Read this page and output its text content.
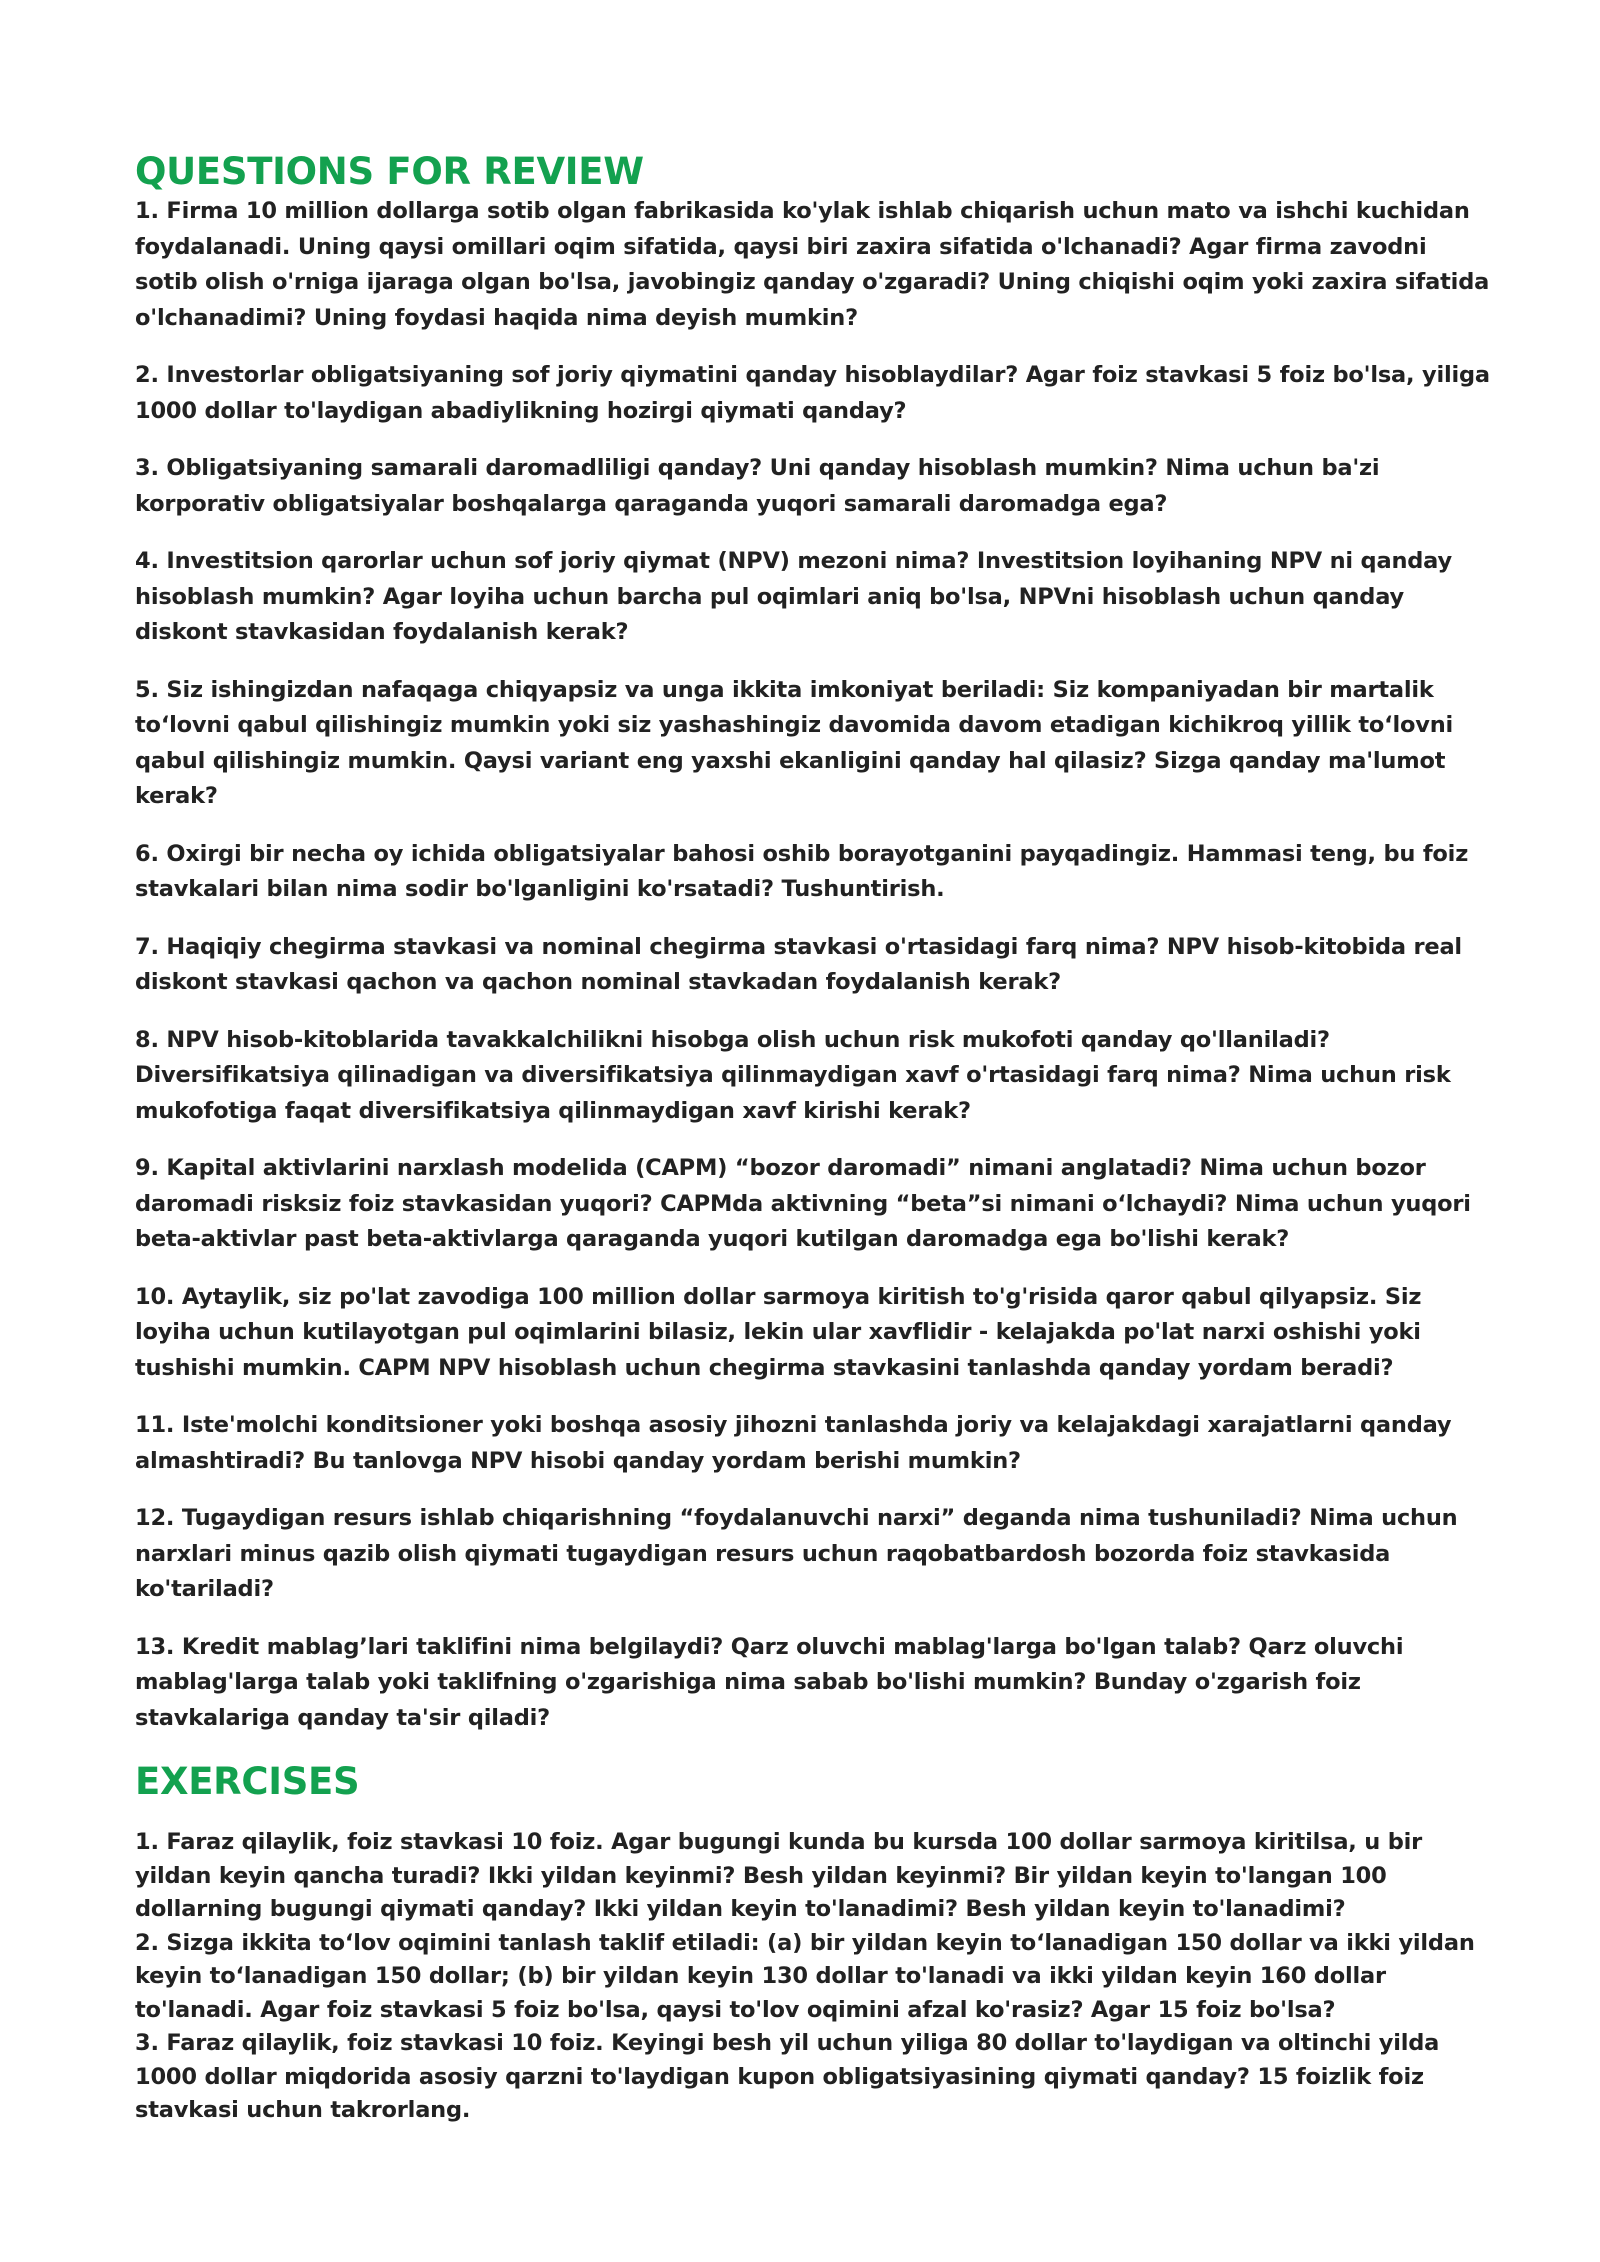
QUESTIONS FOR REVIEW

1. Firma 10 million dollarga sotib olgan fabrikasida ko'ylak ishlab chiqarish uchun mato va ishchi kuchidan foydalanadi. Uning qaysi omillari oqim sifatida, qaysi biri zaxira sifatida o'lchanadi? Agar firma zavodni sotib olish o'rniga ijaraga olgan bo'lsa, javobingiz qanday o'zgaradi? Uning chiqishi oqim yoki zaxira sifatida o'lchanadimi? Uning foydasi haqida nima deyish mumkin?

2. Investorlar obligatsiyaning sof joriy qiymatini qanday hisoblaydilar? Agar foiz stavkasi 5 foiz bo'lsa, yiliga 1000 dollar to'laydigan abadiylikning hozirgi qiymati qanday?

3. Obligatsiyaning samarali daromadliligi qanday? Uni qanday hisoblash mumkin? Nima uchun ba'zi korporativ obligatsiyalar boshqalarga qaraganda yuqori samarali daromadga ega?

4. Investitsion qarorlar uchun sof joriy qiymat (NPV) mezoni nima? Investitsion loyihaning NPV ni qanday hisoblash mumkin? Agar loyiha uchun barcha pul oqimlari aniq bo'lsa, NPVni hisoblash uchun qanday diskont stavkasidan foydalanish kerak?

5. Siz ishingizdan nafaqaga chiqyapsiz va unga ikkita imkoniyat beriladi: Siz kompaniyadan bir martalik to‘lovni qabul qilishingiz mumkin yoki siz yashashingiz davomida davom etadigan kichikroq yillik to‘lovni qabul qilishingiz mumkin. Qaysi variant eng yaxshi ekanligini qanday hal qilasiz? Sizga qanday ma'lumot kerak?

6. Oxirgi bir necha oy ichida obligatsiyalar bahosi oshib borayotganini payqadingiz. Hammasi teng, bu foiz stavkalari bilan nima sodir bo'lganligini ko'rsatadi? Tushuntirish.

7. Haqiqiy chegirma stavkasi va nominal chegirma stavkasi o'rtasidagi farq nima? NPV hisob-kitobida real diskont stavkasi qachon va qachon nominal stavkadan foydalanish kerak?

8. NPV hisob-kitoblarida tavakkalchilikni hisobga olish uchun risk mukofoti qanday qo'llaniladi? Diversifikatsiya qilinadigan va diversifikatsiya qilinmaydigan xavf o'rtasidagi farq nima? Nima uchun risk mukofotiga faqat diversifikatsiya qilinmaydigan xavf kirishi kerak?

9. Kapital aktivlarini narxlash modelida (CAPM) “bozor daromadi” nimani anglatadi? Nima uchun bozor daromadi risksiz foiz stavkasidan yuqori? CAPMda aktivning “beta”si nimani o‘lchaydi? Nima uchun yuqori beta-aktivlar past beta-aktivlarga qaraganda yuqori kutilgan daromadga ega bo'lishi kerak?

10. Aytaylik, siz po'lat zavodiga 100 million dollar sarmoya kiritish to'g'risida qaror qabul qilyapsiz. Siz loyiha uchun kutilayotgan pul oqimlarini bilasiz, lekin ular xavflidir - kelajakda po'lat narxi oshishi yoki tushishi mumkin. CAPM NPV hisoblash uchun chegirma stavkasini tanlashda qanday yordam beradi?

11. Iste'molchi konditsioner yoki boshqa asosiy jihozni tanlashda joriy va kelajakdagi xarajatlarni qanday almashtiradi? Bu tanlovga NPV hisobi qanday yordam berishi mumkin?

12. Tugaydigan resurs ishlab chiqarishning “foydalanuvchi narxi” deganda nima tushuniladi? Nima uchun narxlari minus qazib olish qiymati tugaydigan resurs uchun raqobatbardosh bozorda foiz stavkasida ko'tariladi?

13. Kredit mablag’lari taklifini nima belgilaydi? Qarz oluvchi mablag'larga bo'lgan talab? Qarz oluvchi mablag'larga talab yoki taklifning o'zgarishiga nima sabab bo'lishi mumkin? Bunday o'zgarish foiz stavkalariga qanday ta'sir qiladi?

EXERCISES

1. Faraz qilaylik, foiz stavkasi 10 foiz. Agar bugungi kunda bu kursda 100 dollar sarmoya kiritilsa, u bir yildan keyin qancha turadi? Ikki yildan keyinmi? Besh yildan keyinmi? Bir yildan keyin to'langan 100 dollarning bugungi qiymati qanday? Ikki yildan keyin to'lanadimi? Besh yildan keyin to'lanadimi?

2. Sizga ikkita to‘lov oqimini tanlash taklif etiladi: (a) bir yildan keyin to‘lanadigan 150 dollar va ikki yildan keyin to‘lanadigan 150 dollar; (b) bir yildan keyin 130 dollar to'lanadi va ikki yildan keyin 160 dollar to'lanadi. Agar foiz stavkasi 5 foiz bo'lsa, qaysi to'lov oqimini afzal ko'rasiz? Agar 15 foiz bo'lsa?

3. Faraz qilaylik, foiz stavkasi 10 foiz. Keyingi besh yil uchun yiliga 80 dollar to'laydigan va oltinchi yilda 1000 dollar miqdorida asosiy qarzni to'laydigan kupon obligatsiyasining qiymati qanday? 15 foizlik foiz stavkasi uchun takrorlang.
